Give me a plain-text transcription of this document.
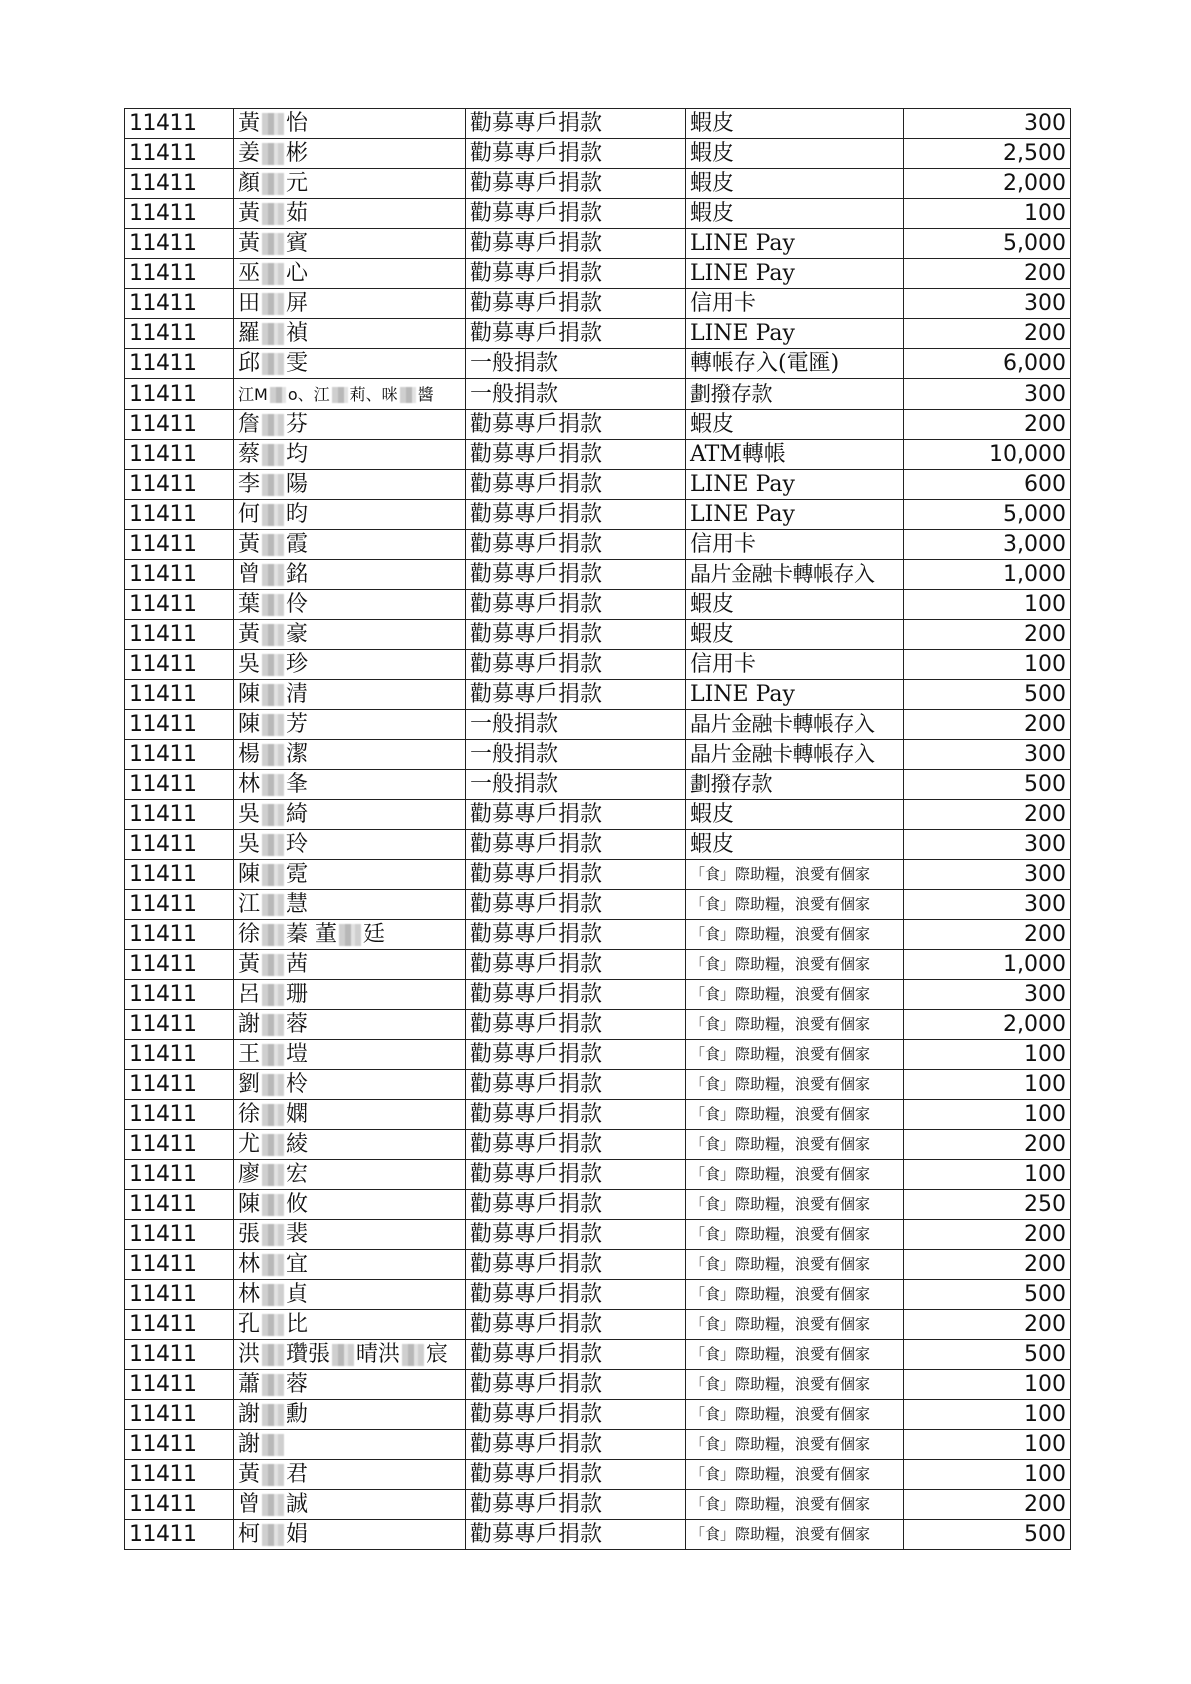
11411	黃 怡	勸募專戶捐款	蝦皮	300
11411	姜 彬	勸募專戶捐款	蝦皮	2,500
11411	顏 元	勸募專戶捐款	蝦皮	2,000
11411	黃 茹	勸募專戶捐款	蝦皮	100
11411	黃 賓	勸募專戶捐款	LINE Pay	5,000
11411	巫 心	勸募專戶捐款	LINE Pay	200
11411	田 屏	勸募專戶捐款	信用卡	300
11411	羅 禎	勸募專戶捐款	LINE Pay	200
11411	邱 雯	一般捐款	轉帳存入(電匯)	6,000
11411	江M o、江 莉、咪 醬	一般捐款	劃撥存款	300
11411	詹 芬	勸募專戶捐款	蝦皮	200
11411	蔡 均	勸募專戶捐款	ATM轉帳	10,000
11411	李 陽	勸募專戶捐款	LINE Pay	600
11411	何 昀	勸募專戶捐款	LINE Pay	5,000
11411	黃 霞	勸募專戶捐款	信用卡	3,000
11411	曾 銘	勸募專戶捐款	晶片金融卡轉帳存入	1,000
11411	葉 伶	勸募專戶捐款	蝦皮	100
11411	黃 豪	勸募專戶捐款	蝦皮	200
11411	吳 珍	勸募專戶捐款	信用卡	100
11411	陳 清	勸募專戶捐款	LINE Pay	500
11411	陳 芳	一般捐款	晶片金融卡轉帳存入	200
11411	楊 潔	一般捐款	晶片金融卡轉帳存入	300
11411	林 夆	一般捐款	劃撥存款	500
11411	吳 綺	勸募專戶捐款	蝦皮	200
11411	吳 玲	勸募專戶捐款	蝦皮	300
11411	陳 霓	勸募專戶捐款	「食」際助糧，浪愛有個家	300
11411	江 慧	勸募專戶捐款	「食」際助糧，浪愛有個家	300
11411	徐 蓁 董 廷	勸募專戶捐款	「食」際助糧，浪愛有個家	200
11411	黃 茜	勸募專戶捐款	「食」際助糧，浪愛有個家	1,000
11411	呂 珊	勸募專戶捐款	「食」際助糧，浪愛有個家	300
11411	謝 蓉	勸募專戶捐款	「食」際助糧，浪愛有個家	2,000
11411	王 塏	勸募專戶捐款	「食」際助糧，浪愛有個家	100
11411	劉 柃	勸募專戶捐款	「食」際助糧，浪愛有個家	100
11411	徐 嫻	勸募專戶捐款	「食」際助糧，浪愛有個家	100
11411	尤 綾	勸募專戶捐款	「食」際助糧，浪愛有個家	200
11411	廖 宏	勸募專戶捐款	「食」際助糧，浪愛有個家	100
11411	陳 攸	勸募專戶捐款	「食」際助糧，浪愛有個家	250
11411	張 裴	勸募專戶捐款	「食」際助糧，浪愛有個家	200
11411	林 宜	勸募專戶捐款	「食」際助糧，浪愛有個家	200
11411	林 貞	勸募專戶捐款	「食」際助糧，浪愛有個家	500
11411	孔 比	勸募專戶捐款	「食」際助糧，浪愛有個家	200
11411	洪 瓚張 晴洪 宸	勸募專戶捐款	「食」際助糧，浪愛有個家	500
11411	蕭 蓉	勸募專戶捐款	「食」際助糧，浪愛有個家	100
11411	謝 勳	勸募專戶捐款	「食」際助糧，浪愛有個家	100
11411	謝	勸募專戶捐款	「食」際助糧，浪愛有個家	100
11411	黃 君	勸募專戶捐款	「食」際助糧，浪愛有個家	100
11411	曾 誠	勸募專戶捐款	「食」際助糧，浪愛有個家	200
11411	柯 娟	勸募專戶捐款	「食」際助糧，浪愛有個家	500
